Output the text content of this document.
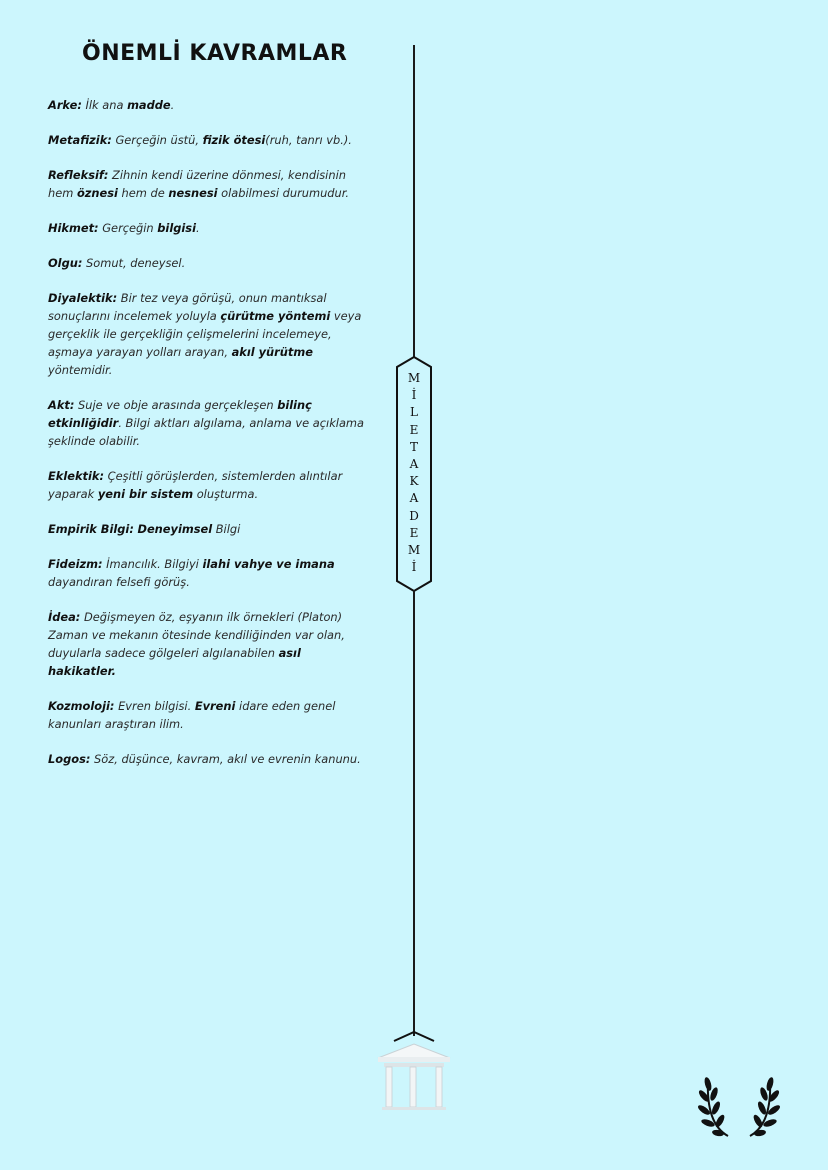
ÖNEMLİ KAVRAMLAR

Arke: İlk ana madde.

Metafizik: Gerçeğin üstü, fizik ötesi(ruh, tanrı vb.).

Refleksif: Zihnin kendi üzerine dönmesi, kendisinin hem öznesi hem de nesnesi olabilmesi durumudur.

Hikmet: Gerçeğin bilgisi.

Olgu: Somut, deneysel.

Diyalektik: Bir tez veya görüşü, onun mantıksal sonuçlarını incelemek yoluyla çürütme yöntemi veya gerçeklik ile gerçekliğin çelişmelerini incelemeye, aşmaya yarayan yolları arayan, akıl yürütme yöntemidir.

Akt: Suje ve obje arasında gerçekleşen bilinç etkinliğidir. Bilgi aktları algılama, anlama ve açıklama şeklinde olabilir.

Eklektik: Çeşitli görüşlerden, sistemlerden alıntılar yaparak yeni bir sistem oluşturma.

Empirik Bilgi: Deneyimsel Bilgi

Fideizm: İmancılık. Bilgiyi ilahi vahye ve imana dayandıran felsefi görüş.

İdea: Değişmeyen öz, eşyanın ilk örnekleri (Platon) Zaman ve mekanın ötesinde kendiliğinden var olan, duyularla sadece gölgeleri algılanabilen asıl hakikatler.

Kozmoloji: Evren bilgisi. Evreni idare eden genel kanunları araştıran ilim.

Logos: Söz, düşünce, kavram, akıl ve evrenin kanunu.

M
İ
L
E
T
A
K
A
D
E
M
İ
